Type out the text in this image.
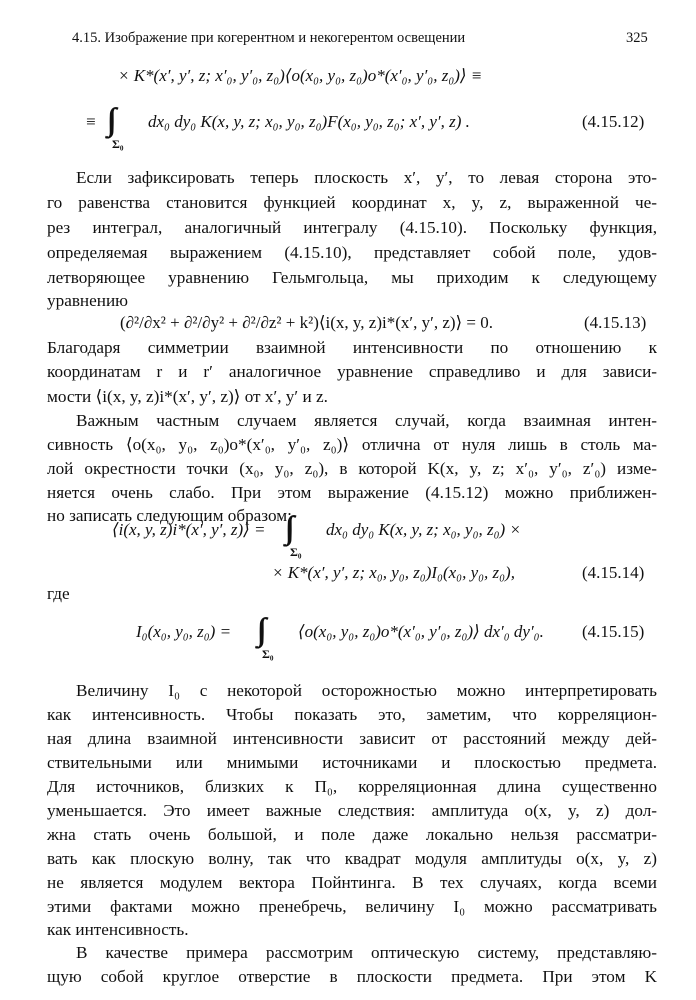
4.15. Изображение при когерентном и некогерентом освещении	325
× K*(x′, y′, z; x′₀, y′₀, z₀)⟨o(x₀, y₀, z₀)o*(x′₀, y′₀, z₀)⟩ ≡
≡
Σ₀
dx₀ dy₀ K(x, y, z; x₀, y₀, z₀)F(x₀, y₀, z₀; x′, y′, z) .	(4.15.12)
Если зафиксировать теперь плоскость x′, y′, то левая сторона это-
го равенства становится функцией координат x, y, z, выраженной че-
рез интеграл, аналогичный интегралу (4.15.10). Поскольку функция,
определяемая выражением (4.15.10), представляет собой поле, удов-
летворяющее уравнению Гельмгольца, мы приходим к следующему
уравнению
(∂²/∂x² + ∂²/∂y² + ∂²/∂z² + k²)⟨i(x, y, z)i*(x′, y′, z)⟩ = 0.	(4.15.13)
Благодаря симметрии взаимной интенсивности по отношению к
координатам r и r′ аналогичное уравнение справедливо и для зависи-
мости ⟨i(x, y, z)i*(x′, y′, z)⟩ от x′, y′ и z.
Важным частным случаем является случай, когда взаимная интен-
сивность ⟨o(x₀, y₀, z₀)o*(x′₀, y′₀, z₀)⟩ отлична от нуля лишь в столь ма-
лой окрестности точки (x₀, y₀, z₀), в которой K(x, y, z; x′₀, y′₀, z′₀) изме-
няется очень слабо. При этом выражение (4.15.12) можно приближен-
но записать следующим образом:
⟨i(x, y, z)i*(x′, y′, z)⟩ =
Σ₀
dx₀ dy₀ K(x, y, z; x₀, y₀, z₀) ×
× K*(x′, y′, z; x₀, y₀, z₀)I₀(x₀, y₀, z₀),	(4.15.14)
где
I₀(x₀, y₀, z₀) =
Σ₀
⟨o(x₀, y₀, z₀)o*(x′₀, y′₀, z₀)⟩ dx′₀ dy′₀. (4.15.15)
Величину I₀ с некоторой осторожностью можно интерпретировать
как интенсивность. Чтобы показать это, заметим, что корреляцион-
ная длина взаимной интенсивности зависит от расстояний между дей-
ствительными или мнимыми источниками и плоскостью предмета.
Для источников, близких к П₀, корреляционная длина существенно
уменьшается. Это имеет важные следствия: амплитуда o(x, y, z) дол-
жна стать очень большой, и поле даже локально нельзя рассматри-
вать как плоскую волну, так что квадрат модуля амплитуды o(x, y, z)
не является модулем вектора Пойнтинга. В тех случаях, когда всеми
этими фактами можно пренебречь, величину I₀ можно рассматривать
как интенсивность.
В качестве примера рассмотрим оптическую систему, представляю-
щую собой круглое отверстие в плоскости предмета. При этом K
